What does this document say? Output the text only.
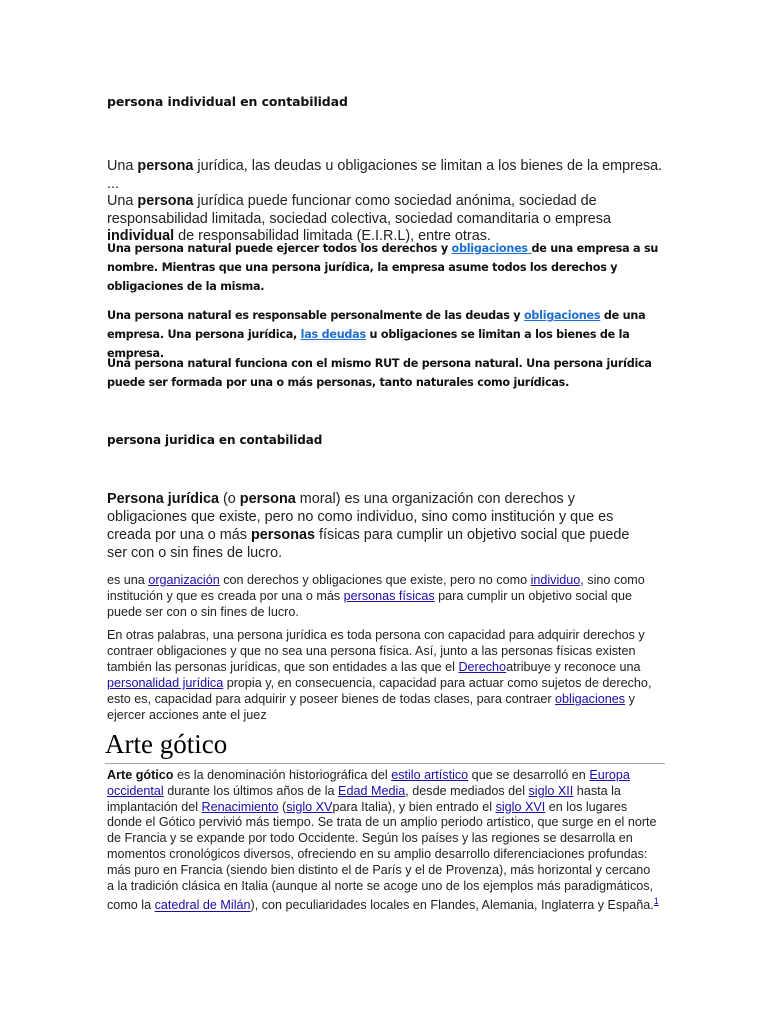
persona individual en contabilidad
Una persona jurídica, las deudas u obligaciones se limitan a los bienes de la empresa. ...
Una persona jurídica puede funcionar como sociedad anónima, sociedad de responsabilidad limitada, sociedad colectiva, sociedad comanditaria o empresa individual de responsabilidad limitada (E.I.R.L), entre otras.
Una persona natural puede ejercer todos los derechos y obligaciones de una empresa a su nombre. Mientras que una persona jurídica, la empresa asume todos los derechos y obligaciones de la misma.
Una persona natural es responsable personalmente de las deudas y obligaciones de una empresa. Una persona jurídica, las deudas u obligaciones se limitan a los bienes de la empresa.
Una persona natural funciona con el mismo RUT de persona natural. Una persona jurídica puede ser formada por una o más personas, tanto naturales como jurídicas.
persona juridica en contabilidad
Persona jurídica (o persona moral) es una organización con derechos y obligaciones que existe, pero no como individuo, sino como institución y que es creada por una o más personas físicas para cumplir un objetivo social que puede ser con o sin fines de lucro.
es una organización con derechos y obligaciones que existe, pero no como individuo, sino como institución y que es creada por una o más personas físicas para cumplir un objetivo social que puede ser con o sin fines de lucro.
En otras palabras, una persona jurídica es toda persona con capacidad para adquirir derechos y contraer obligaciones y que no sea una persona física. Así, junto a las personas físicas existen también las personas jurídicas, que son entidades a las que el Derechoatribuye y reconoce una personalidad jurídica propia y, en consecuencia, capacidad para actuar como sujetos de derecho, esto es, capacidad para adquirir y poseer bienes de todas clases, para contraer obligaciones y ejercer acciones ante el juez
Arte gótico
Arte gótico es la denominación historiográfica del estilo artístico que se desarrolló en Europa occidental durante los últimos años de la Edad Media, desde mediados del siglo XII hasta la implantación del Renacimiento (siglo XVpara Italia), y bien entrado el siglo XVI en los lugares donde el Gótico pervivió más tiempo. Se trata de un amplio periodo artístico, que surge en el norte de Francia y se expande por todo Occidente. Según los países y las regiones se desarrolla en momentos cronológicos diversos, ofreciendo en su amplio desarrollo diferenciaciones profundas: más puro en Francia (siendo bien distinto el de París y el de Provenza), más horizontal y cercano a la tradición clásica en Italia (aunque al norte se acoge uno de los ejemplos más paradigmáticos, como la catedral de Milán), con peculiaridades locales en Flandes, Alemania, Inglaterra y España.$^1$
